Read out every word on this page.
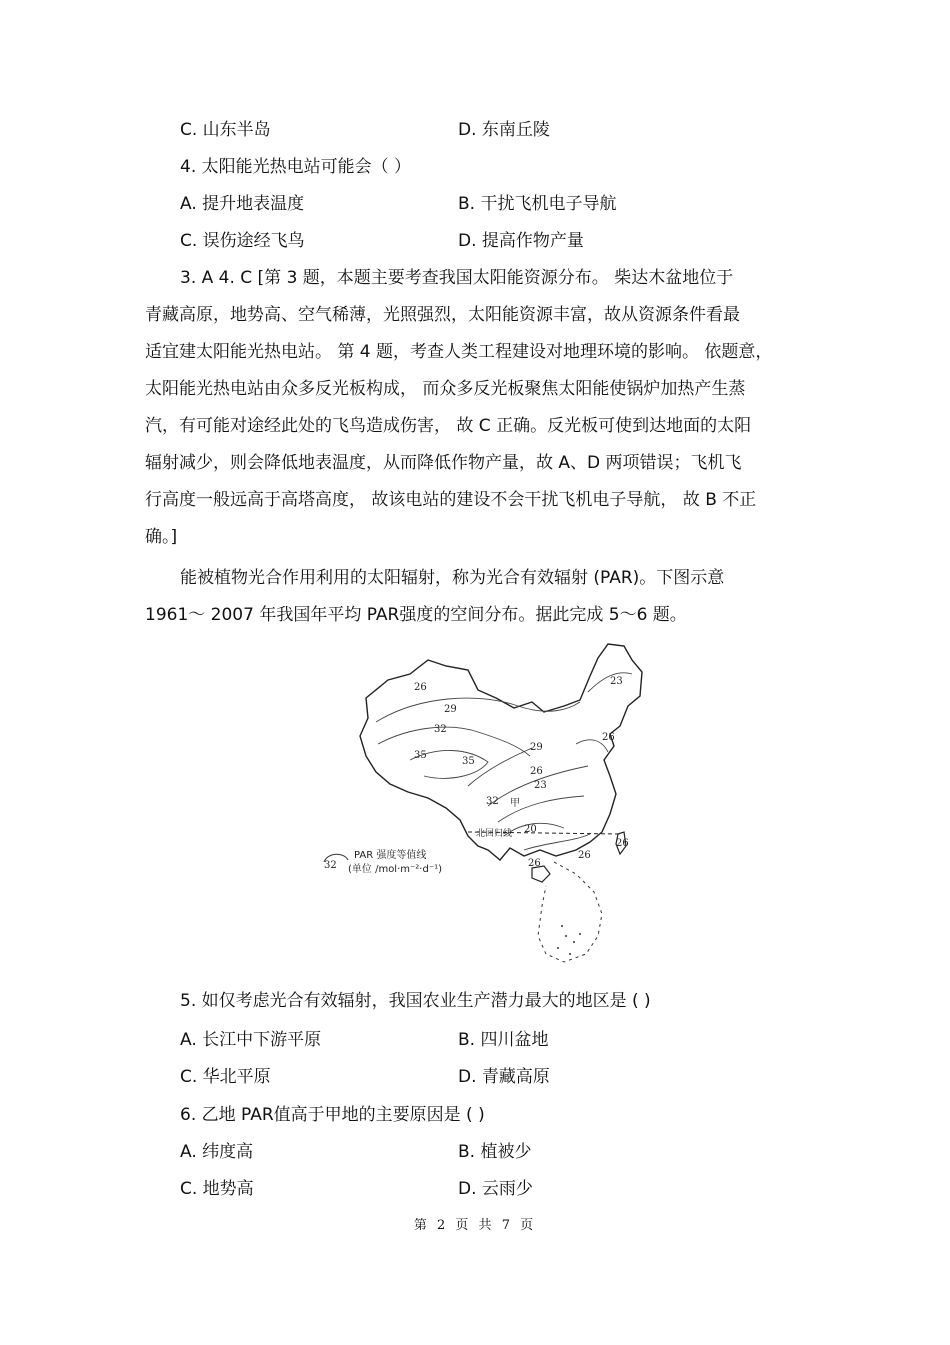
C. 山东半岛	D. 东南丘陵
4. 太阳能光热电站可能会（ ）
A. 提升地表温度	B. 干扰飞机电子导航
C. 误伤途经飞鸟	D. 提高作物产量
3. A 4. C [第 3 题，本题主要考查我国太阳能资源分布。 柴达木盆地位于
青藏高原，地势高、空气稀薄，光照强烈，太阳能资源丰富，故从资源条件看最
适宜建太阳能光热电站。 第 4 题，考查人类工程建设对地理环境的影响。 依题意，
太阳能光热电站由众多反光板构成， 而众多反光板聚焦太阳能使锅炉加热产生蒸
汽，有可能对途经此处的飞鸟造成伤害， 故 C 正确。反光板可使到达地面的太阳
辐射减少，则会降低地表温度，从而降低作物产量，故 A、D 两项错误；飞机飞
行高度一般远高于高塔高度， 故该电站的建设不会干扰飞机电子导航， 故 B 不正
确。]
能被植物光合作用利用的太阳辐射，称为光合有效辐射 (PAR)。下图示意
1961～ 2007 年我国年平均 PAR强度的空间分布。据此完成 5～6 题。
26
29
32
35
35
29
26
26
23
32
20
26
26
26
23
甲
北回归线
32
PAR 强度等值线
(单位 /mol·m⁻²·d⁻¹)
5. 如仅考虑光合有效辐射，我国农业生产潜力最大的地区是 ( )
A. 长江中下游平原	B. 四川盆地
C. 华北平原	D. 青藏高原
6. 乙地 PAR值高于甲地的主要原因是 ( )
A. 纬度高	B. 植被少
C. 地势高	D. 云雨少
第 2 页 共 7 页
